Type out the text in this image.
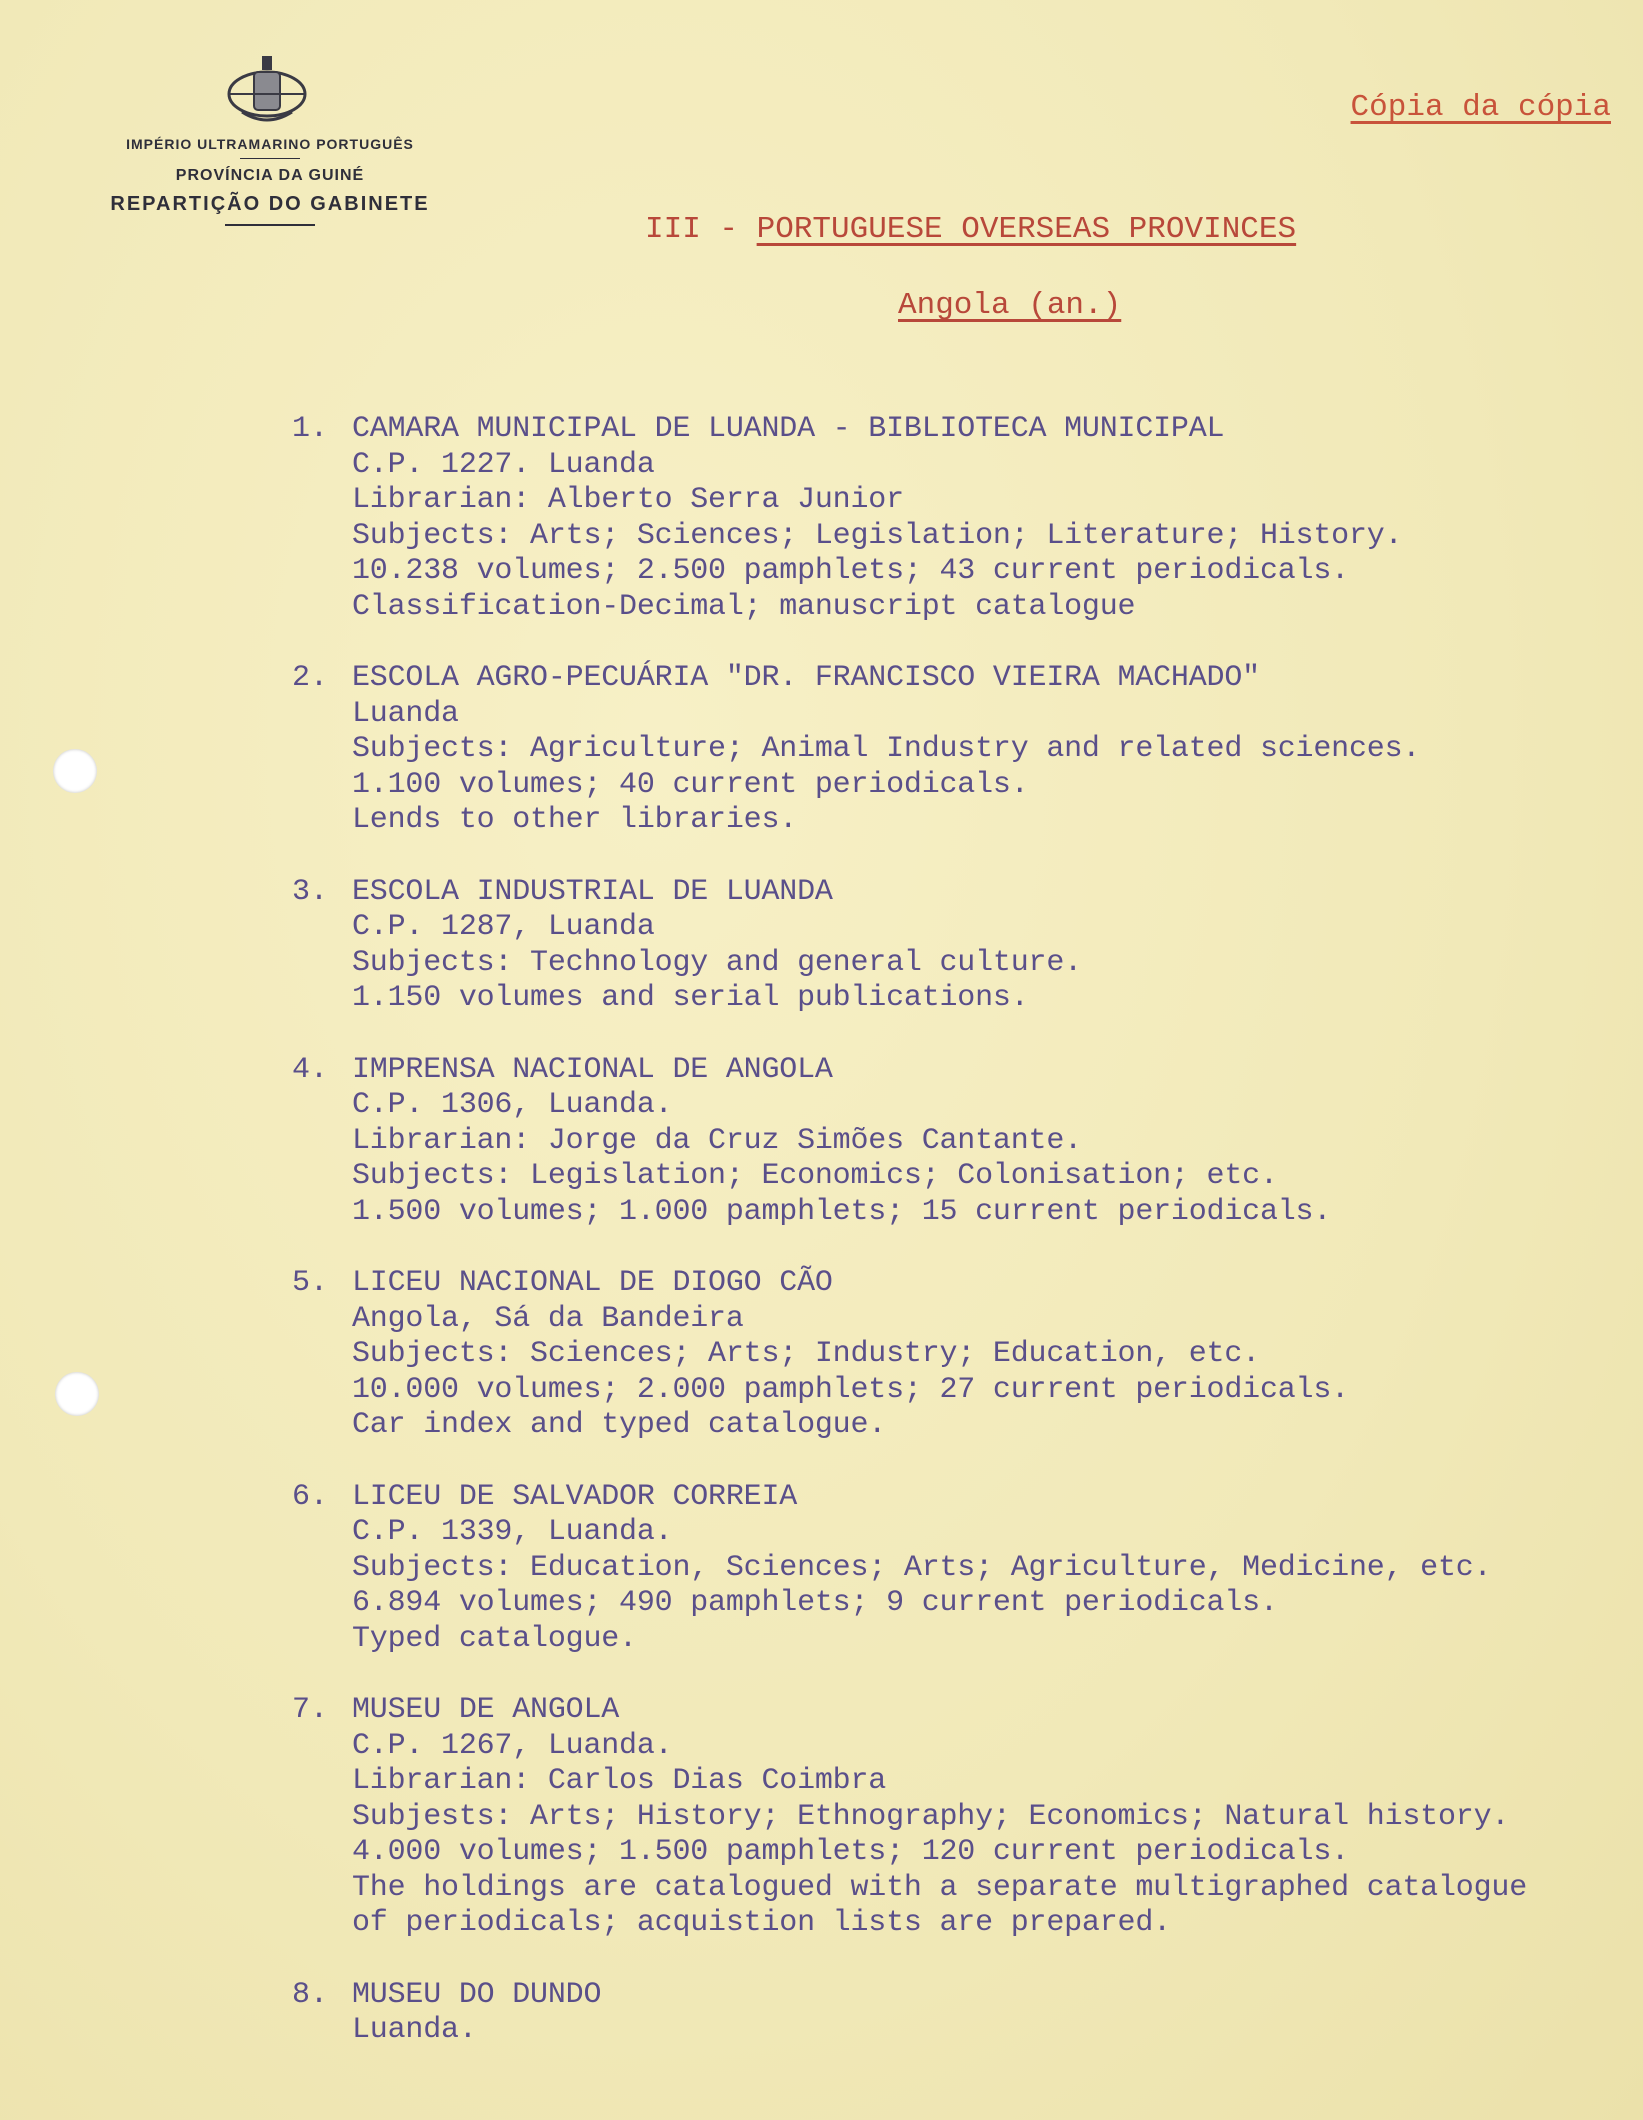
IMPÉRIO ULTRAMARINO PORTUGUÊS
PROVÍNCIA DA GUINÉ
REPARTIÇÃO DO GABINETE
Cópia da cópia
III - PORTUGUESE OVERSEAS PROVINCES
Angola (an.)
1. CAMARA MUNICIPAL DE LUANDA - BIBLIOTECA MUNICIPAL
C.P. 1227. Luanda
Librarian: Alberto Serra Junior
Subjects: Arts; Sciences; Legislation; Literature; History.
10.238 volumes; 2.500 pamphlets; 43 current periodicals.
Classification-Decimal; manuscript catalogue
2. ESCOLA AGRO-PECUÁRIA "DR. FRANCISCO VIEIRA MACHADO"
Luanda
Subjects: Agriculture; Animal Industry and related sciences.
1.100 volumes; 40 current periodicals.
Lends to other libraries.
3. ESCOLA INDUSTRIAL DE LUANDA
C.P. 1287, Luanda
Subjects: Technology and general culture.
1.150 volumes and serial publications.
4. IMPRENSA NACIONAL DE ANGOLA
C.P. 1306, Luanda.
Librarian: Jorge da Cruz Simões Cantante.
Subjects: Legislation; Economics; Colonisation; etc.
1.500 volumes; 1.000 pamphlets; 15 current periodicals.
5. LICEU NACIONAL DE DIOGO CÃO
Angola, Sá da Bandeira
Subjects: Sciences; Arts; Industry; Education, etc.
10.000 volumes; 2.000 pamphlets; 27 current periodicals.
Car index and typed catalogue.
6. LICEU DE SALVADOR CORREIA
C.P. 1339, Luanda.
Subjects: Education, Sciences; Arts; Agriculture, Medicine, etc.
6.894 volumes; 490 pamphlets; 9 current periodicals.
Typed catalogue.
7. MUSEU DE ANGOLA
C.P. 1267, Luanda.
Librarian: Carlos Dias Coimbra
Subjests: Arts; History; Ethnography; Economics; Natural history.
4.000 volumes; 1.500 pamphlets; 120 current periodicals.
The holdings are catalogued with a separate multigraphed catalogue
of periodicals; acquistion lists are prepared.
8. MUSEU DO DUNDO
Luanda.
